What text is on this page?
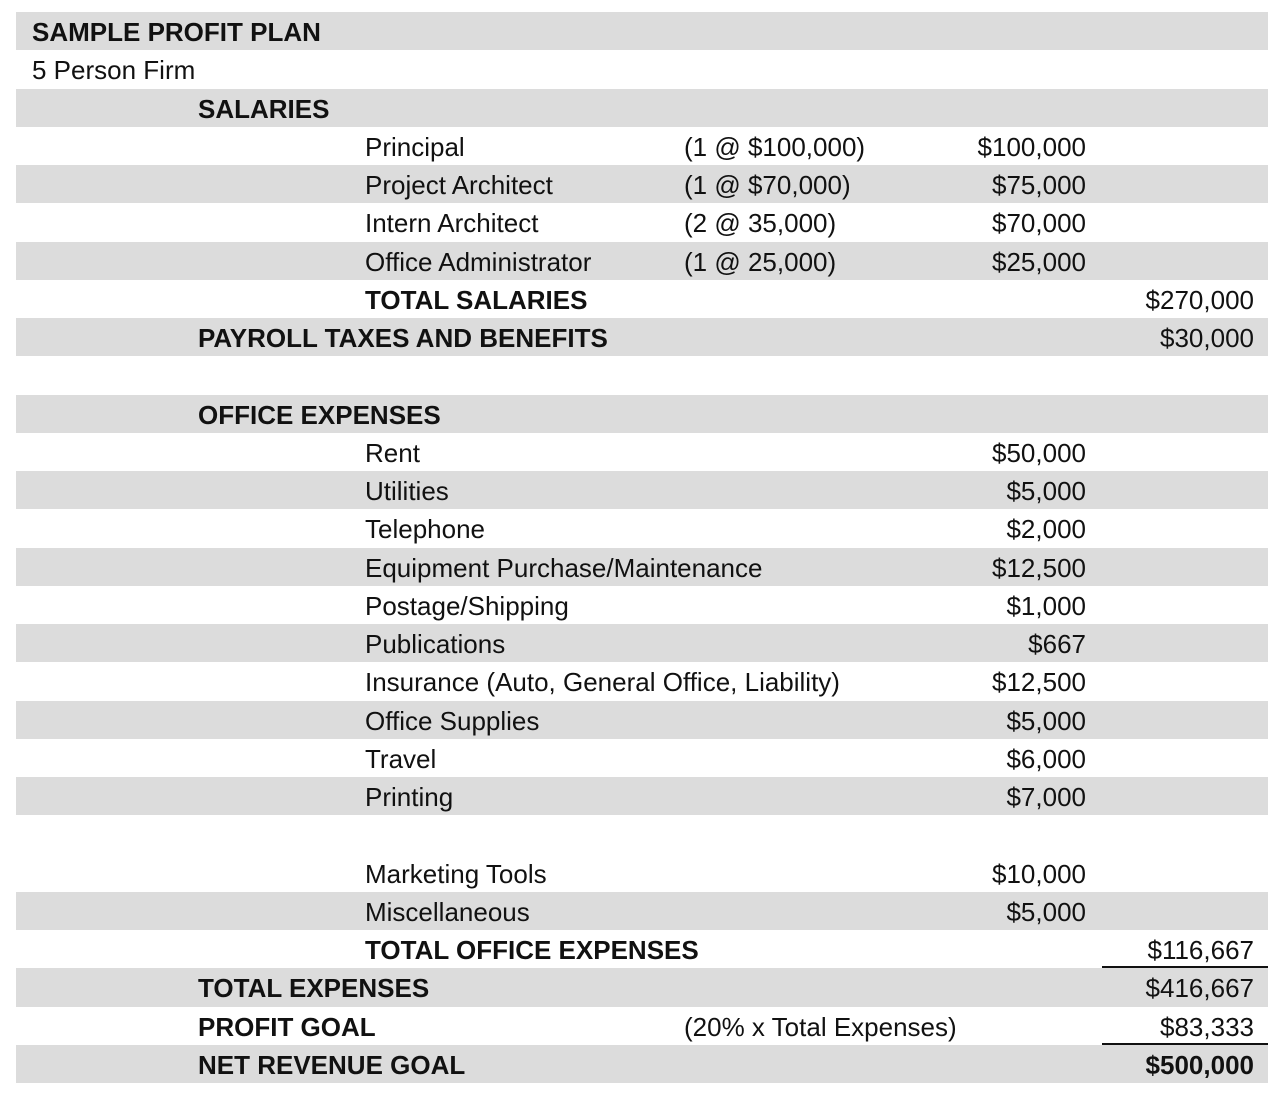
SAMPLE PROFIT PLAN
5 Person Firm
SALARIES
Principal	(1 @ $100,000)	$100,000
Project Architect	(1 @ $70,000)	$75,000
Intern Architect	(2 @ 35,000)	$70,000
Office Administrator	(1 @ 25,000)	$25,000
TOTAL SALARIES	$270,000
PAYROLL TAXES AND BENEFITS	$30,000
OFFICE EXPENSES
Rent	$50,000
Utilities	$5,000
Telephone	$2,000
Equipment Purchase/Maintenance	$12,500
Postage/Shipping	$1,000
Publications	$667
Insurance (Auto, General Office, Liability)	$12,500
Office Supplies	$5,000
Travel	$6,000
Printing	$7,000
Marketing Tools	$10,000
Miscellaneous	$5,000
TOTAL OFFICE EXPENSES	$116,667
TOTAL EXPENSES	$416,667
PROFIT GOAL	(20% x Total Expenses)	$83,333
NET REVENUE GOAL	$500,000
